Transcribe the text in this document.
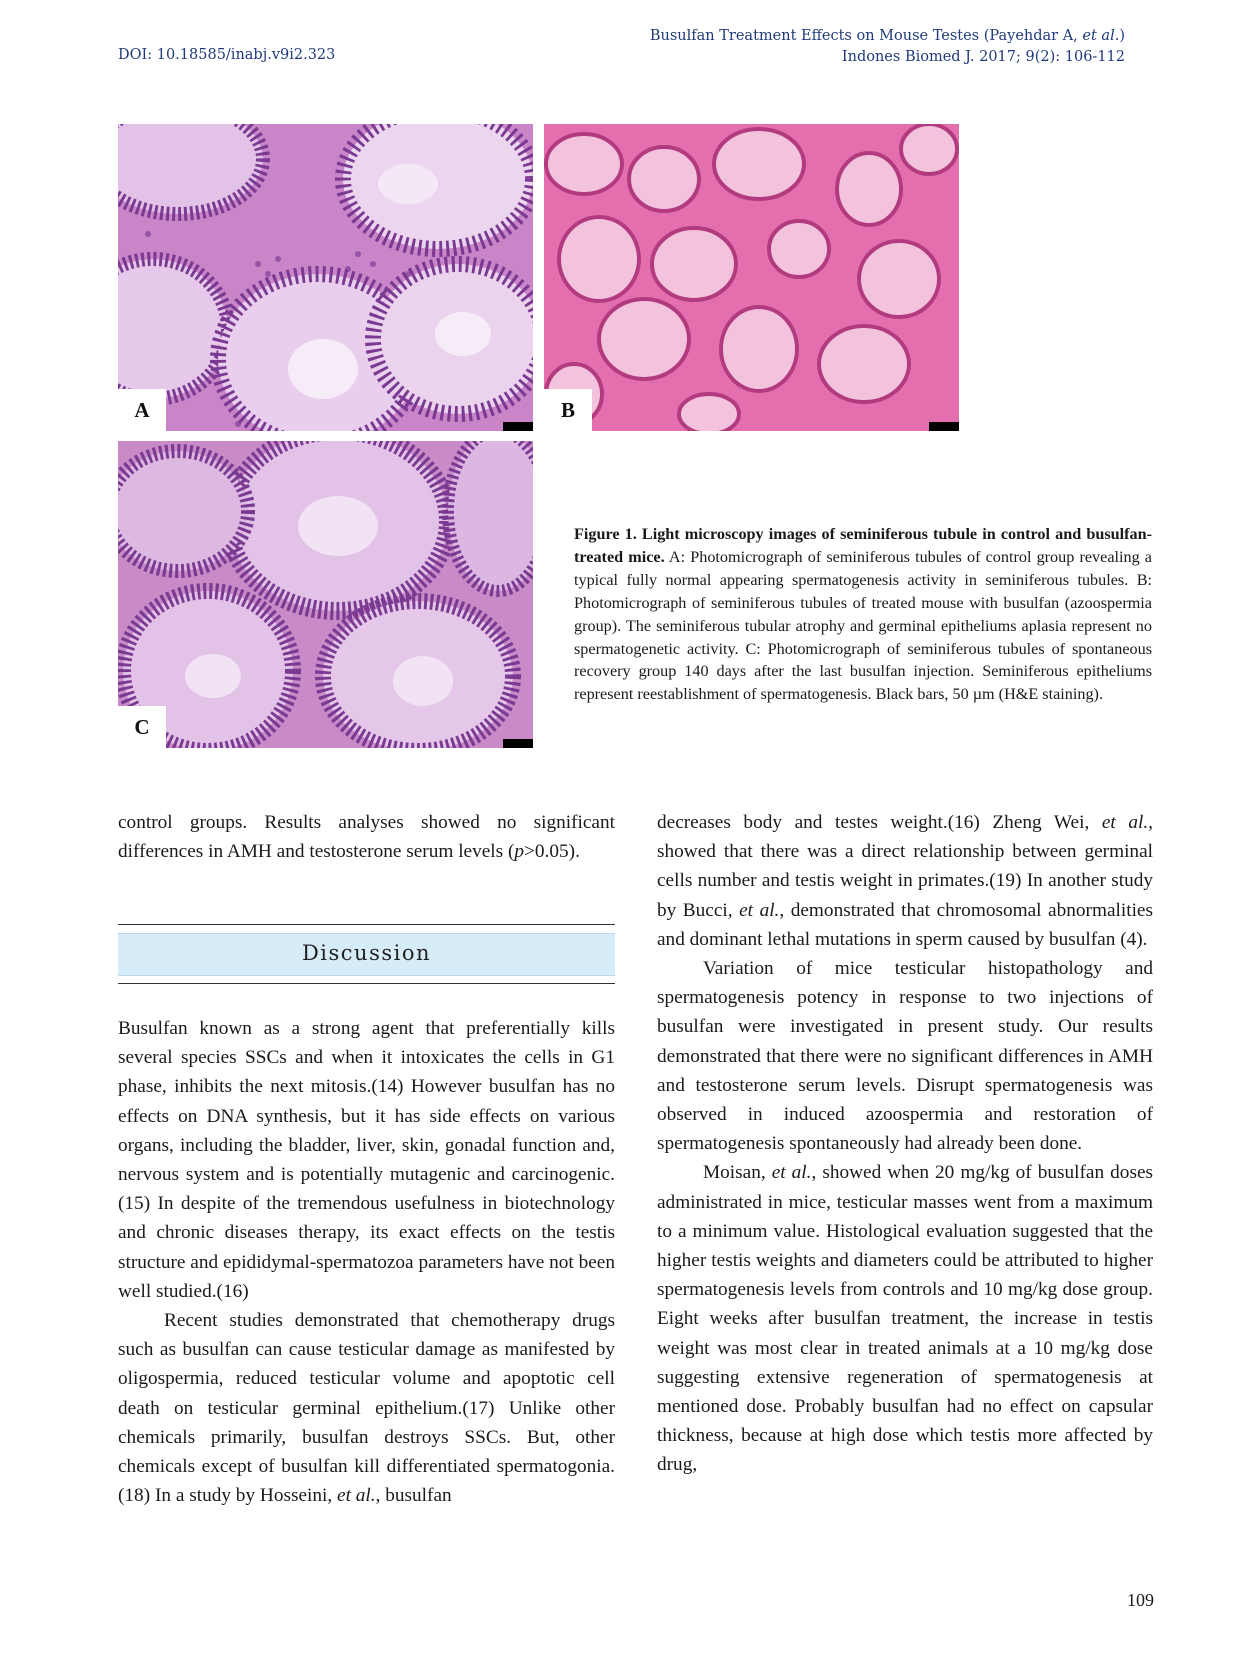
DOI: 10.18585/inabj.v9i2.323
Busulfan Treatment Effects on Mouse Testes (Payehdar A, et al.)
Indones Biomed J. 2017; 9(2): 106-112
A	B
C
Figure 1. Light microscopy images of seminiferous tubule in control and busulfan-treated mice. A: Photomicrograph of seminiferous tubules of control group revealing a typical fully normal appearing spermatogenesis activity in seminiferous tubules. B: Photomicrograph of seminiferous tubules of treated mouse with busulfan (azoospermia group). The seminiferous tubular atrophy and germinal epitheliums aplasia represent no spermatogenetic activity. C: Photomicrograph of seminiferous tubules of spontaneous recovery group 140 days after the last busulfan injection. Seminiferous epitheliums represent reestablishment of spermatogenesis. Black bars, 50 µm (H&E staining).

control groups. Results analyses showed no significant differences in AMH and testosterone serum levels (p>0.05).

Discussion

Busulfan known as a strong agent that preferentially kills several species SSCs and when it intoxicates the cells in G1 phase, inhibits the next mitosis.(14) However busulfan has no effects on DNA synthesis, but it has side effects on various organs, including the bladder, liver, skin, gonadal function and, nervous system and is potentially mutagenic and carcinogenic.(15) In despite of the tremendous usefulness in biotechnology and chronic diseases therapy, its exact effects on the testis structure and epididymal-spermatozoa parameters have not been well studied.(16)

Recent studies demonstrated that chemotherapy drugs such as busulfan can cause testicular damage as manifested by oligospermia, reduced testicular volume and apoptotic cell death on testicular germinal epithelium.(17) Unlike other chemicals primarily, busulfan destroys SSCs. But, other chemicals except of busulfan kill differentiated spermatogonia.(18) In a study by Hosseini, et al., busulfan

decreases body and testes weight.(16) Zheng Wei, et al., showed that there was a direct relationship between germinal cells number and testis weight in primates.(19) In another study by Bucci, et al., demonstrated that chromosomal abnormalities and dominant lethal mutations in sperm caused by busulfan (4).

Variation of mice testicular histopathology and spermatogenesis potency in response to two injections of busulfan were investigated in present study. Our results demonstrated that there were no significant differences in AMH and testosterone serum levels. Disrupt spermatogenesis was observed in induced azoospermia and restoration of spermatogenesis spontaneously had already been done.

Moisan, et al., showed when 20 mg/kg of busulfan doses administrated in mice, testicular masses went from a maximum to a minimum value. Histological evaluation suggested that the higher testis weights and diameters could be attributed to higher spermatogenesis levels from controls and 10 mg/kg dose group. Eight weeks after busulfan treatment, the increase in testis weight was most clear in treated animals at a 10 mg/kg dose suggesting extensive regeneration of spermatogenesis at mentioned dose. Probably busulfan had no effect on capsular thickness, because at high dose which testis more affected by drug,

109
